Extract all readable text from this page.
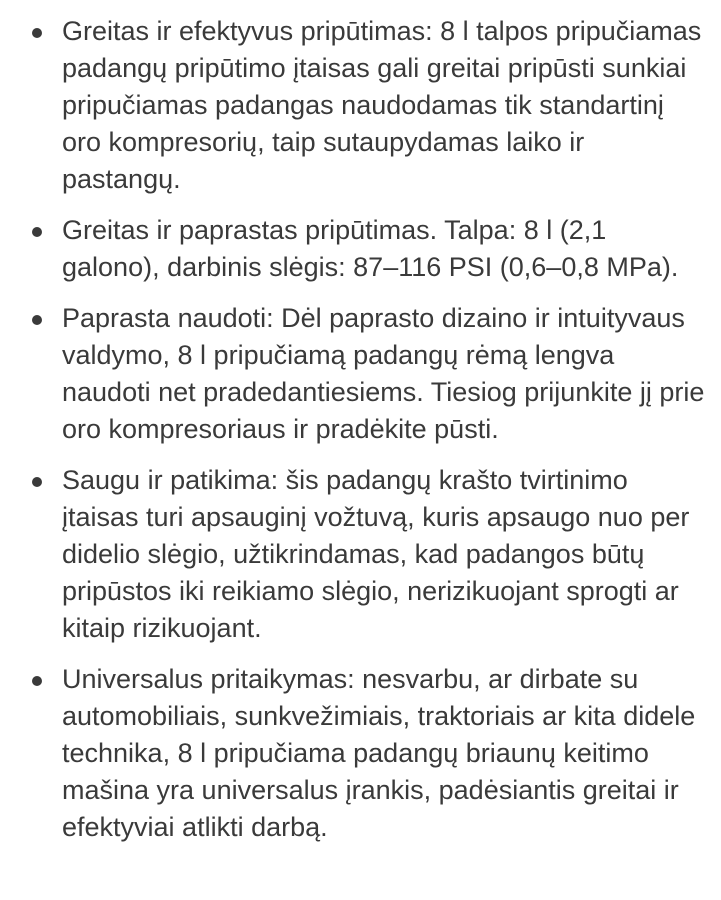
Greitas ir efektyvus pripūtimas: 8 l talpos pripučiamas padangų pripūtimo įtaisas gali greitai pripūsti sunkiai pripučiamas padangas naudodamas tik standartinį oro kompresorių, taip sutaupydamas laiko ir pastangų.
Greitas ir paprastas pripūtimas. Talpa: 8 l (2,1 galono), darbinis slėgis: 87–116 PSI (0,6–0,8 MPa).
Paprasta naudoti: Dėl paprasto dizaino ir intuityvaus valdymo, 8 l pripučiamą padangų rėmą lengva naudoti net pradedantiesiems. Tiesiog prijunkite jį prie oro kompresoriaus ir pradėkite pūsti.
Saugu ir patikima: šis padangų krašto tvirtinimo įtaisas turi apsauginį vožtuvą, kuris apsaugo nuo per didelio slėgio, užtikrindamas, kad padangos būtų pripūstos iki reikiamo slėgio, nerizikuojant sprogti ar kitaip rizikuojant.
Universalus pritaikymas: nesvarbu, ar dirbate su automobiliais, sunkvežimiais, traktoriais ar kita didele technika, 8 l pripučiama padangų briaunų keitimo mašina yra universalus įrankis, padėsiantis greitai ir efektyviai atlikti darbą.
